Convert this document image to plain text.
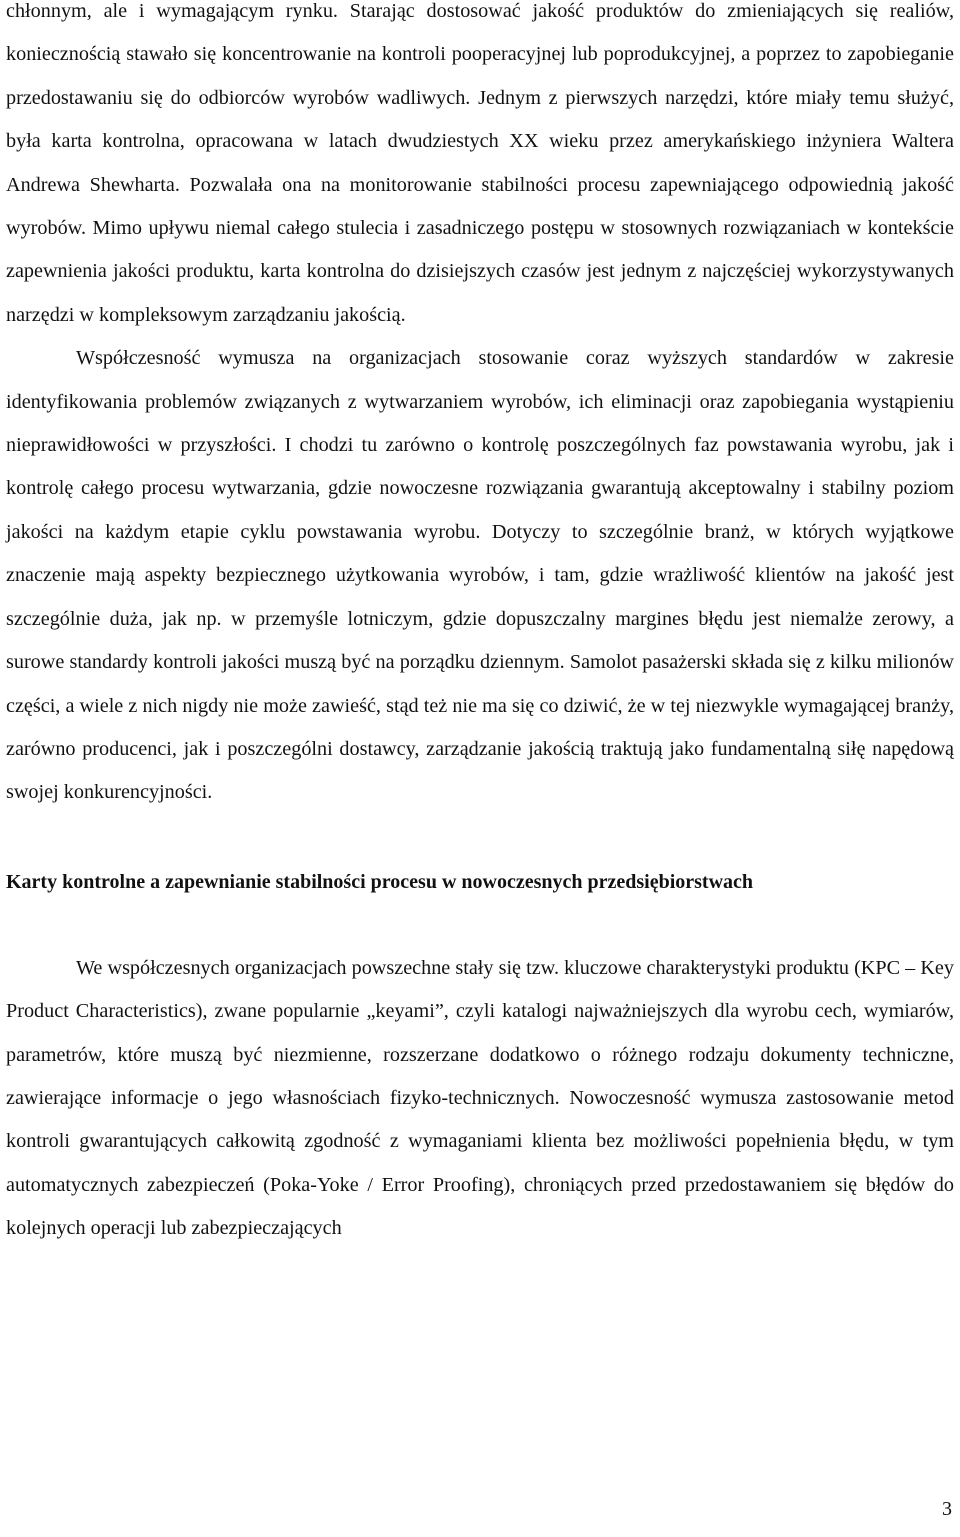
chłonnym, ale i wymagającym rynku. Starając dostosować jakość produktów do zmieniających się realiów, koniecznością stawało się koncentrowanie na kontroli pooperacyjnej lub poprodukcyjnej, a poprzez to zapobieganie przedostawaniu się do odbiorców wyrobów wadliwych. Jednym z pierwszych narzędzi, które miały temu służyć, była karta kontrolna, opracowana w latach dwudziestych XX wieku przez amerykańskiego inżyniera Waltera Andrewa Shewharta. Pozwalała ona na monitorowanie stabilności procesu zapewniającego odpowiednią jakość wyrobów. Mimo upływu niemal całego stulecia i zasadniczego postępu w stosownych rozwiązaniach w kontekście zapewnienia jakości produktu, karta kontrolna do dzisiejszych czasów jest jednym z najczęściej wykorzystywanych narzędzi w kompleksowym zarządzaniu jakością.

Współczesność wymusza na organizacjach stosowanie coraz wyższych standardów w zakresie identyfikowania problemów związanych z wytwarzaniem wyrobów, ich eliminacji oraz zapobiegania wystąpieniu nieprawidłowości w przyszłości. I chodzi tu zarówno o kontrolę poszczególnych faz powstawania wyrobu, jak i kontrolę całego procesu wytwarzania, gdzie nowoczesne rozwiązania gwarantują akceptowalny i stabilny poziom jakości na każdym etapie cyklu powstawania wyrobu. Dotyczy to szczególnie branż, w których wyjątkowe znaczenie mają aspekty bezpiecznego użytkowania wyrobów, i tam, gdzie wrażliwość klientów na jakość jest szczególnie duża, jak np. w przemyśle lotniczym, gdzie dopuszczalny margines błędu jest niemalże zerowy, a surowe standardy kontroli jakości muszą być na porządku dziennym. Samolot pasażerski składa się z kilku milionów części, a wiele z nich nigdy nie może zawieść, stąd też nie ma się co dziwić, że w tej niezwykle wymagającej branży, zarówno producenci, jak i poszczególni dostawcy, zarządzanie jakością traktują jako fundamentalną siłę napędową swojej konkurencyjności.

Karty kontrolne a zapewnianie stabilności procesu w nowoczesnych przedsiębiorstwach

We współczesnych organizacjach powszechne stały się tzw. kluczowe charakterystyki produktu (KPC – Key Product Characteristics), zwane popularnie „keyami”, czyli katalogi najważniejszych dla wyrobu cech, wymiarów, parametrów, które muszą być niezmienne, rozszerzane dodatkowo o różnego rodzaju dokumenty techniczne, zawierające informacje o jego własnościach fizyko-technicznych. Nowoczesność wymusza zastosowanie metod kontroli gwarantujących całkowitą zgodność z wymaganiami klienta bez możliwości popełnienia błędu, w tym automatycznych zabezpieczeń (Poka-Yoke / Error Proofing), chroniących przed przedostawaniem się błędów do kolejnych operacji lub zabezpieczających

3
